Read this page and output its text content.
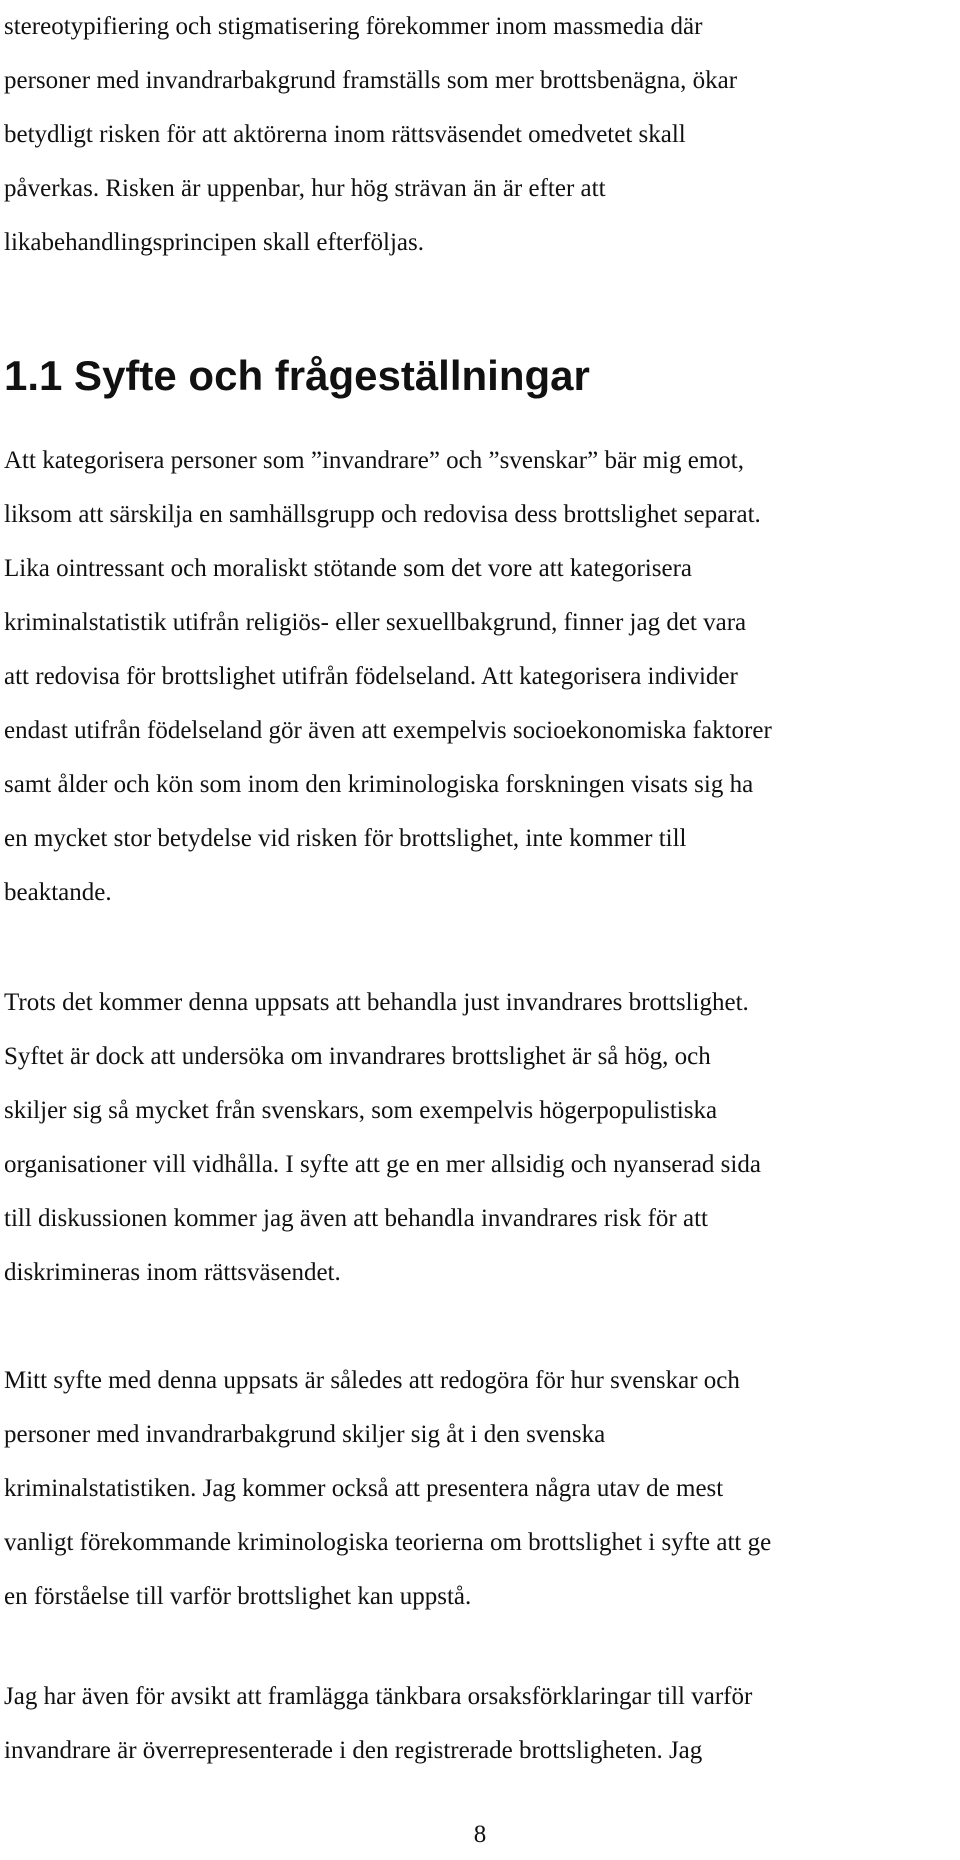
stereotypifiering och stigmatisering förekommer inom massmedia där
personer med invandrarbakgrund framställs som mer brottsbenägna, ökar
betydligt risken för att aktörerna inom rättsväsendet omedvetet skall
påverkas. Risken är uppenbar, hur hög strävan än är efter att
likabehandlingsprincipen skall efterföljas.
1.1 Syfte och frågeställningar
Att kategorisera personer som ”invandrare” och ”svenskar” bär mig emot,
liksom att särskilja en samhällsgrupp och redovisa dess brottslighet separat.
Lika ointressant och moraliskt stötande som det vore att kategorisera
kriminalstatistik utifrån religiös- eller sexuellbakgrund, finner jag det vara
att redovisa för brottslighet utifrån födelseland. Att kategorisera individer
endast utifrån födelseland gör även att exempelvis socioekonomiska faktorer
samt ålder och kön som inom den kriminologiska forskningen visats sig ha
en mycket stor betydelse vid risken för brottslighet, inte kommer till
beaktande.
Trots det kommer denna uppsats att behandla just invandrares brottslighet.
Syftet är dock att undersöka om invandrares brottslighet är så hög, och
skiljer sig så mycket från svenskars, som exempelvis högerpopulistiska
organisationer vill vidhålla. I syfte att ge en mer allsidig och nyanserad sida
till diskussionen kommer jag även att behandla invandrares risk för att
diskrimineras inom rättsväsendet.
Mitt syfte med denna uppsats är således att redogöra för hur svenskar och
personer med invandrarbakgrund skiljer sig åt i den svenska
kriminalstatistiken. Jag kommer också att presentera några utav de mest
vanligt förekommande kriminologiska teorierna om brottslighet i syfte att ge
en förståelse till varför brottslighet kan uppstå.
Jag har även för avsikt att framlägga tänkbara orsaksförklaringar till varför
invandrare är överrepresenterade i den registrerade brottsligheten. Jag
8
